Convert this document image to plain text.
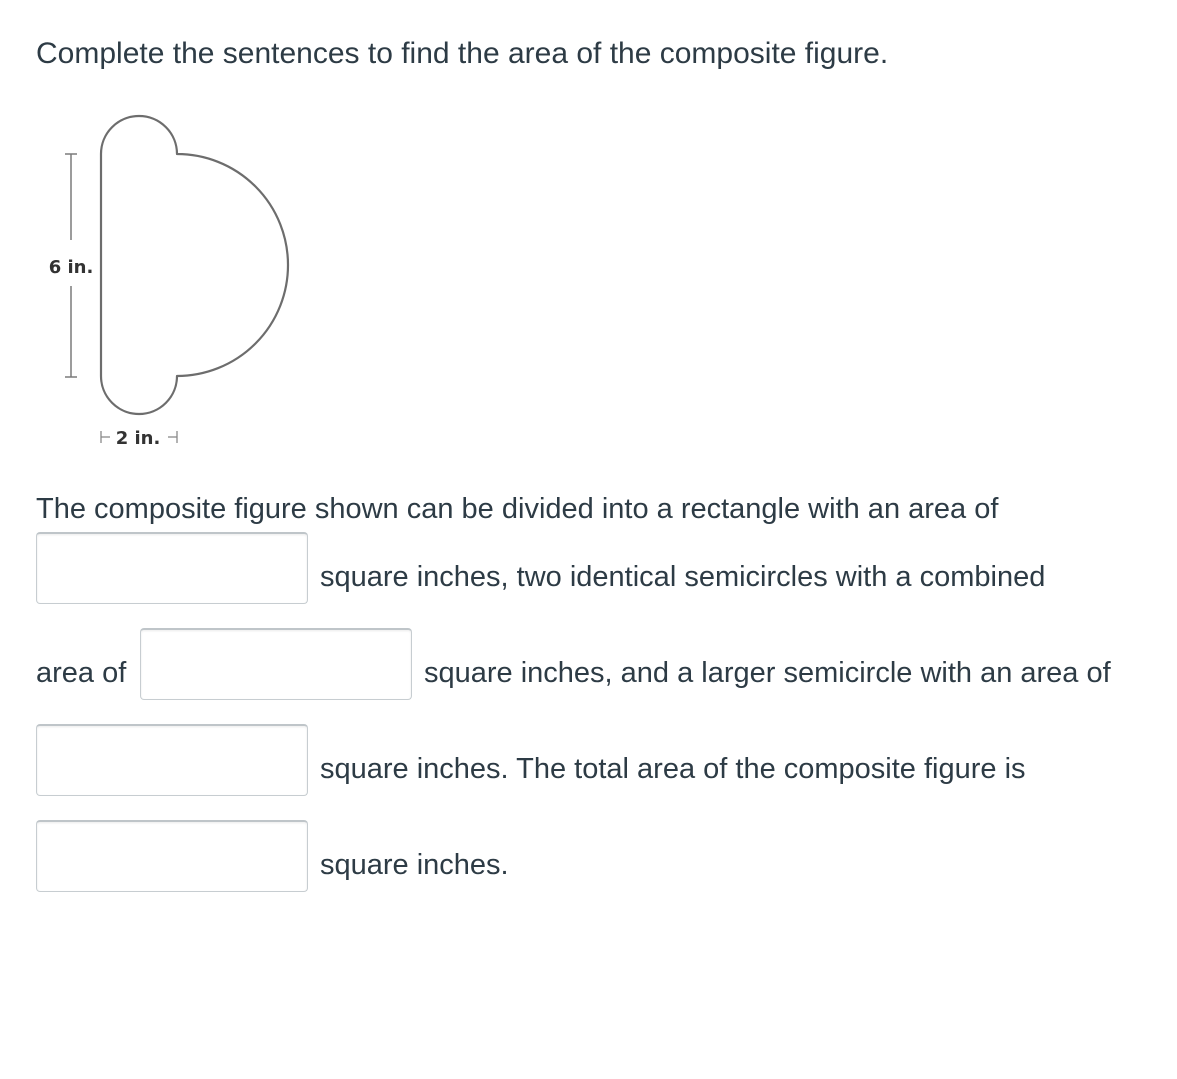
Complete the sentences to find the area of the composite figure.
6 in.
2 in.
The composite figure shown can be divided into a rectangle with an area of
square inches, two identical semicircles with a combined
area of	square inches, and a larger semicircle with an area of
square inches. The total area of the composite figure is
square inches.
